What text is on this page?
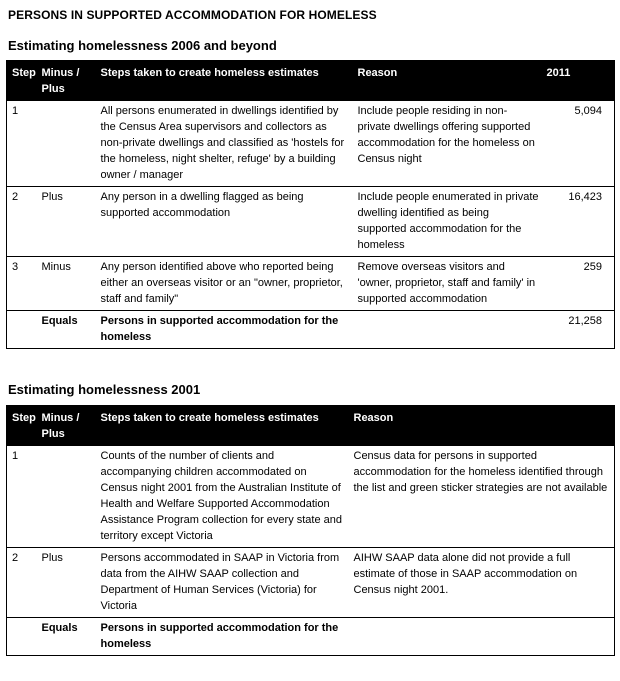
PERSONS IN SUPPORTED ACCOMMODATION FOR HOMELESS
Estimating homelessness 2006 and beyond
Step	Minus / Plus	Steps taken to create homeless estimates	Reason	2011
1		All persons enumerated in dwellings identified by the Census Area supervisors and collectors as non-private dwellings and classified as 'hostels for the homeless, night shelter, refuge' by a building owner / manager	Include people residing in non-private dwellings offering supported accommodation for the homeless on Census night	5,094
2	Plus	Any person in a dwelling flagged as being supported accommodation	Include people enumerated in private dwelling identified as being supported accommodation for the homeless	16,423
3	Minus	Any person identified above who reported being either an overseas visitor or an "owner, proprietor, staff and family"	Remove overseas visitors and 'owner, proprietor, staff and family' in supported accommodation	259
	Equals	Persons in supported accommodation for the homeless		21,258
Estimating homelessness 2001
Step	Minus / Plus	Steps taken to create homeless estimates	Reason
1		Counts of the number of clients and accompanying children accommodated on Census night 2001 from the Australian Institute of Health and Welfare Supported Accommodation Assistance Program collection for every state and territory except Victoria	Census data for persons in supported accommodation for the homeless identified through the list and green sticker strategies are not available
2	Plus	Persons accommodated in SAAP in Victoria from data from the AIHW SAAP collection and Department of Human Services (Victoria) for Victoria	AIHW SAAP data alone did not provide a full estimate of those in SAAP accommodation on Census night 2001.
	Equals	Persons in supported accommodation for the homeless	
